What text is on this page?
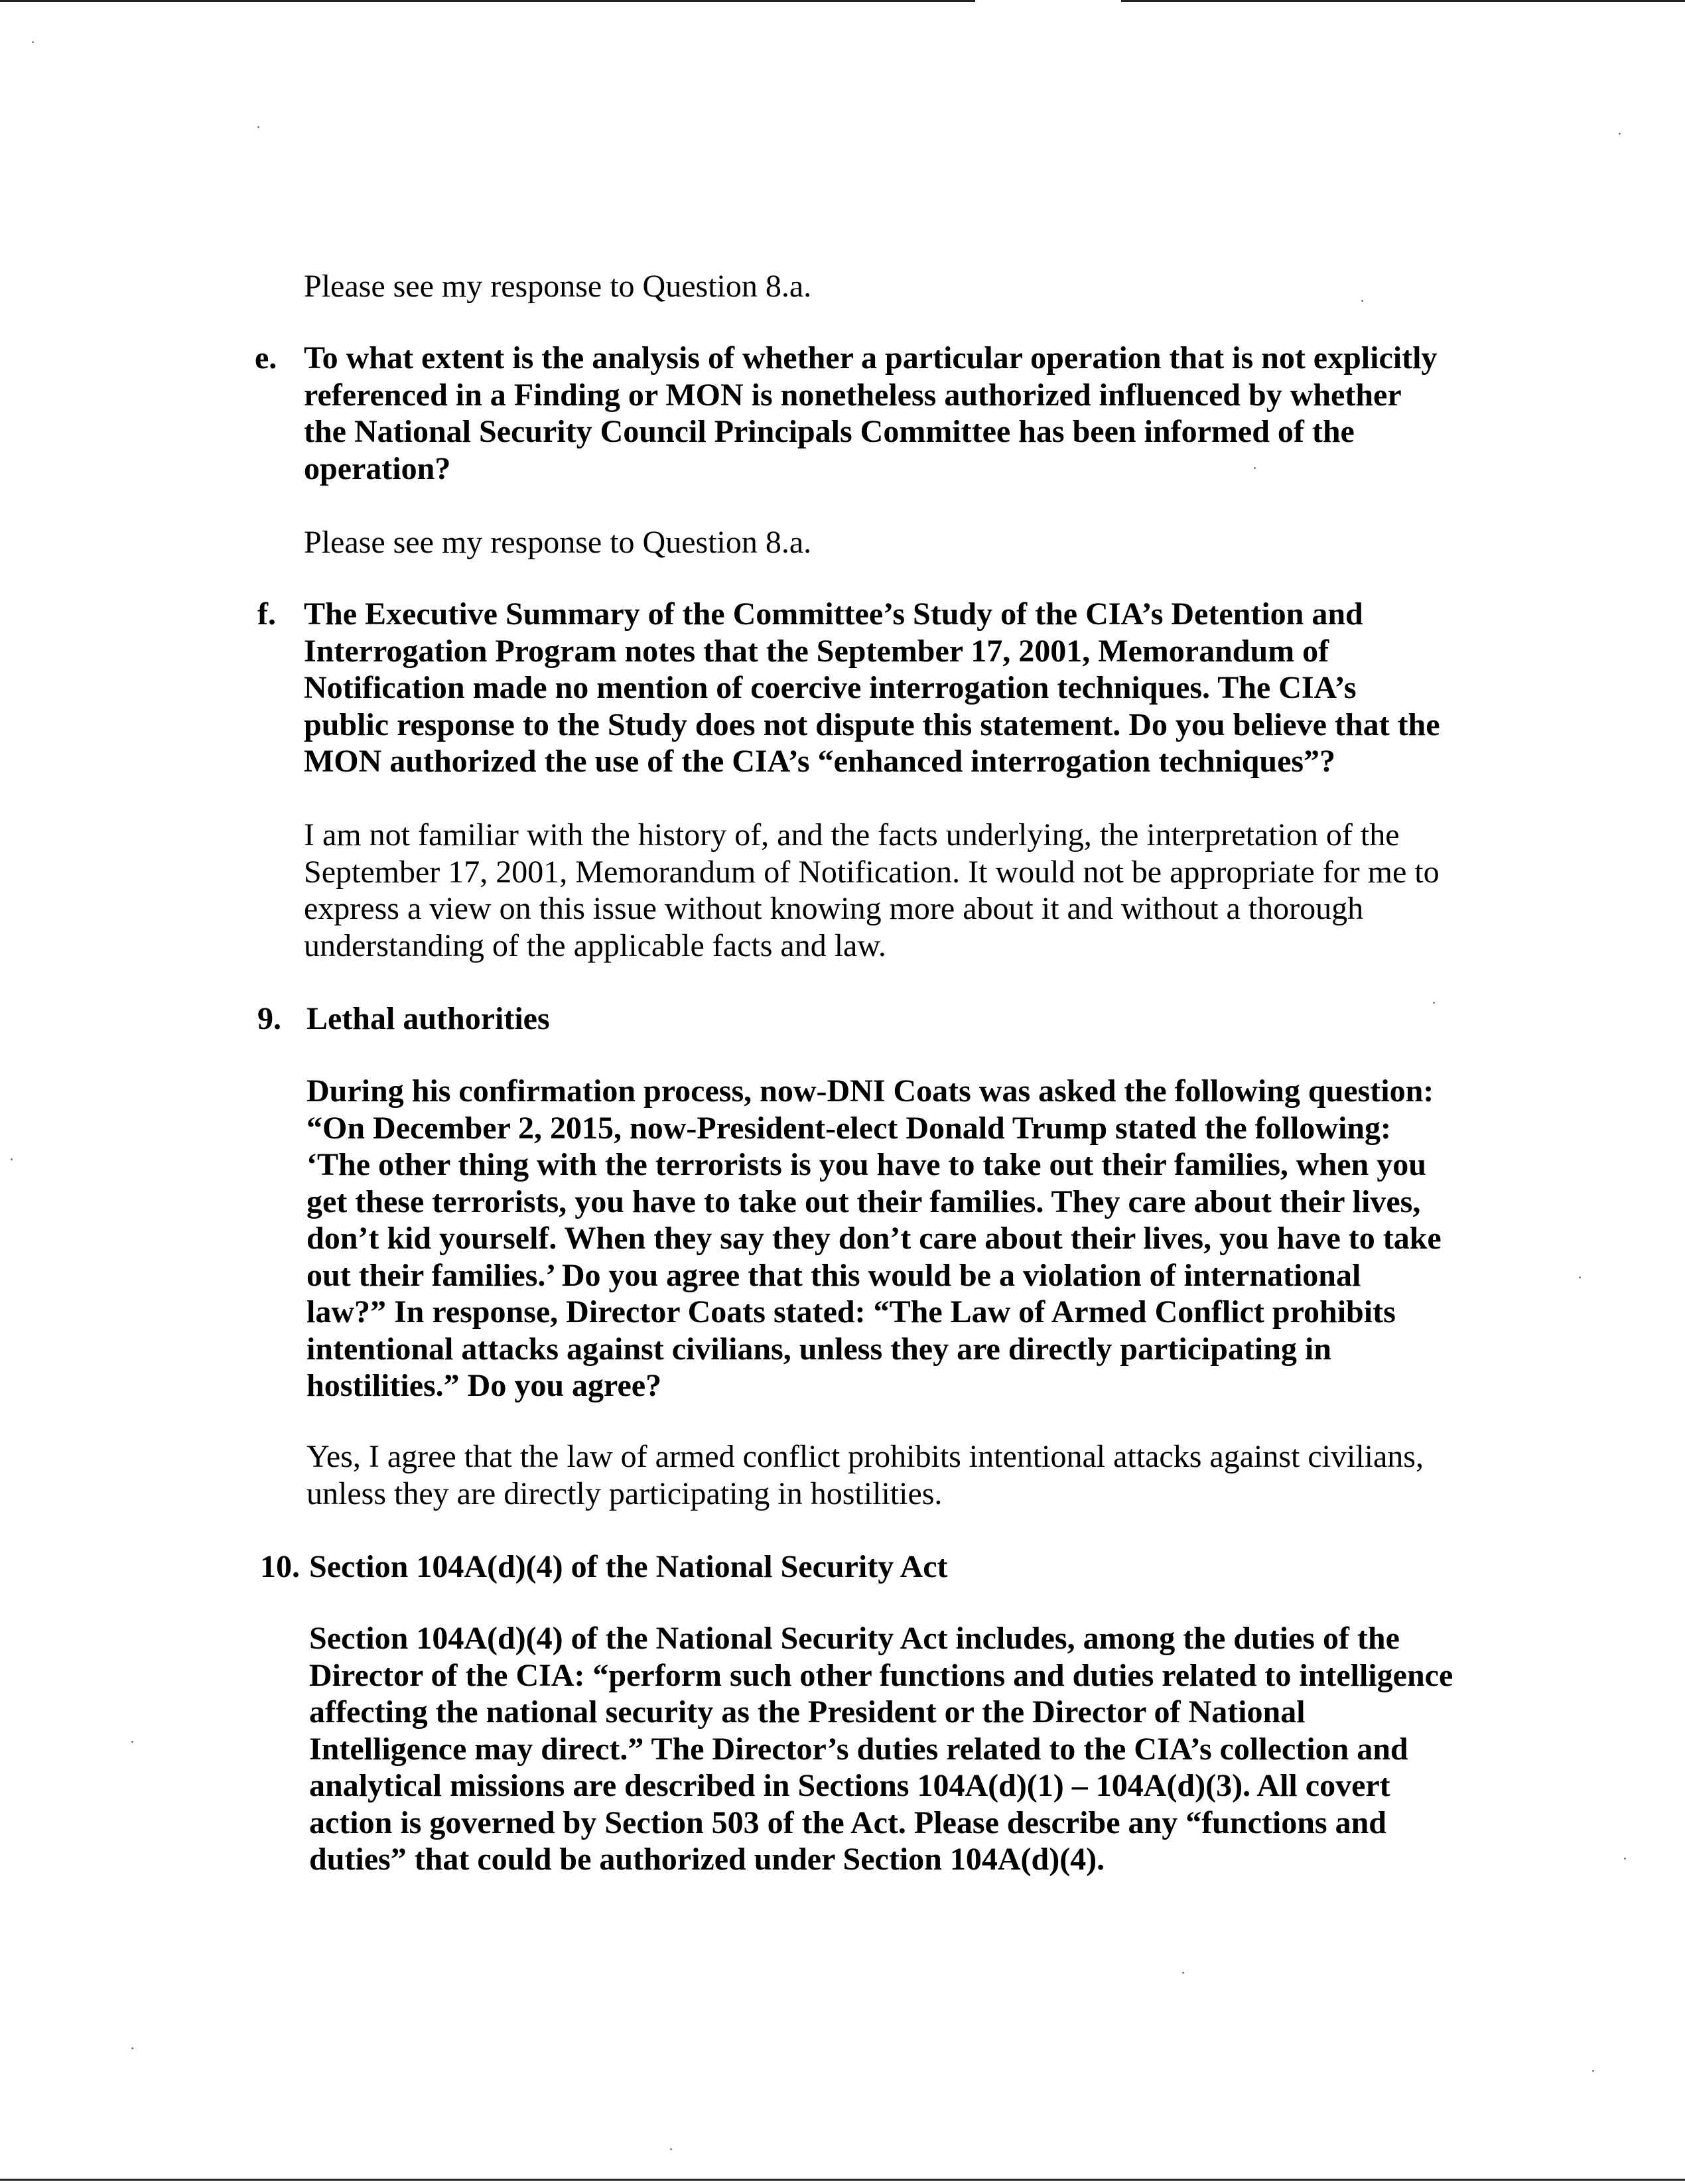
Please see my response to Question 8.a.

e. To what extent is the analysis of whether a particular operation that is not explicitly
referenced in a Finding or MON is nonetheless authorized influenced by whether
the National Security Council Principals Committee has been informed of the
operation?

Please see my response to Question 8.a.

f. The Executive Summary of the Committee’s Study of the CIA’s Detention and
Interrogation Program notes that the September 17, 2001, Memorandum of
Notification made no mention of coercive interrogation techniques. The CIA’s
public response to the Study does not dispute this statement. Do you believe that the
MON authorized the use of the CIA’s “enhanced interrogation techniques”?

I am not familiar with the history of, and the facts underlying, the interpretation of the
September 17, 2001, Memorandum of Notification. It would not be appropriate for me to
express a view on this issue without knowing more about it and without a thorough
understanding of the applicable facts and law.

9. Lethal authorities

During his confirmation process, now-DNI Coats was asked the following question:
“On December 2, 2015, now-President-elect Donald Trump stated the following:
‘The other thing with the terrorists is you have to take out their families, when you
get these terrorists, you have to take out their families. They care about their lives,
don’t kid yourself. When they say they don’t care about their lives, you have to take
out their families.’ Do you agree that this would be a violation of international
law?” In response, Director Coats stated: “The Law of Armed Conflict prohibits
intentional attacks against civilians, unless they are directly participating in
hostilities.” Do you agree?

Yes, I agree that the law of armed conflict prohibits intentional attacks against civilians,
unless they are directly participating in hostilities.

10. Section 104A(d)(4) of the National Security Act

Section 104A(d)(4) of the National Security Act includes, among the duties of the
Director of the CIA: “perform such other functions and duties related to intelligence
affecting the national security as the President or the Director of National
Intelligence may direct.” The Director’s duties related to the CIA’s collection and
analytical missions are described in Sections 104A(d)(1) – 104A(d)(3). All covert
action is governed by Section 503 of the Act. Please describe any “functions and
duties” that could be authorized under Section 104A(d)(4).
